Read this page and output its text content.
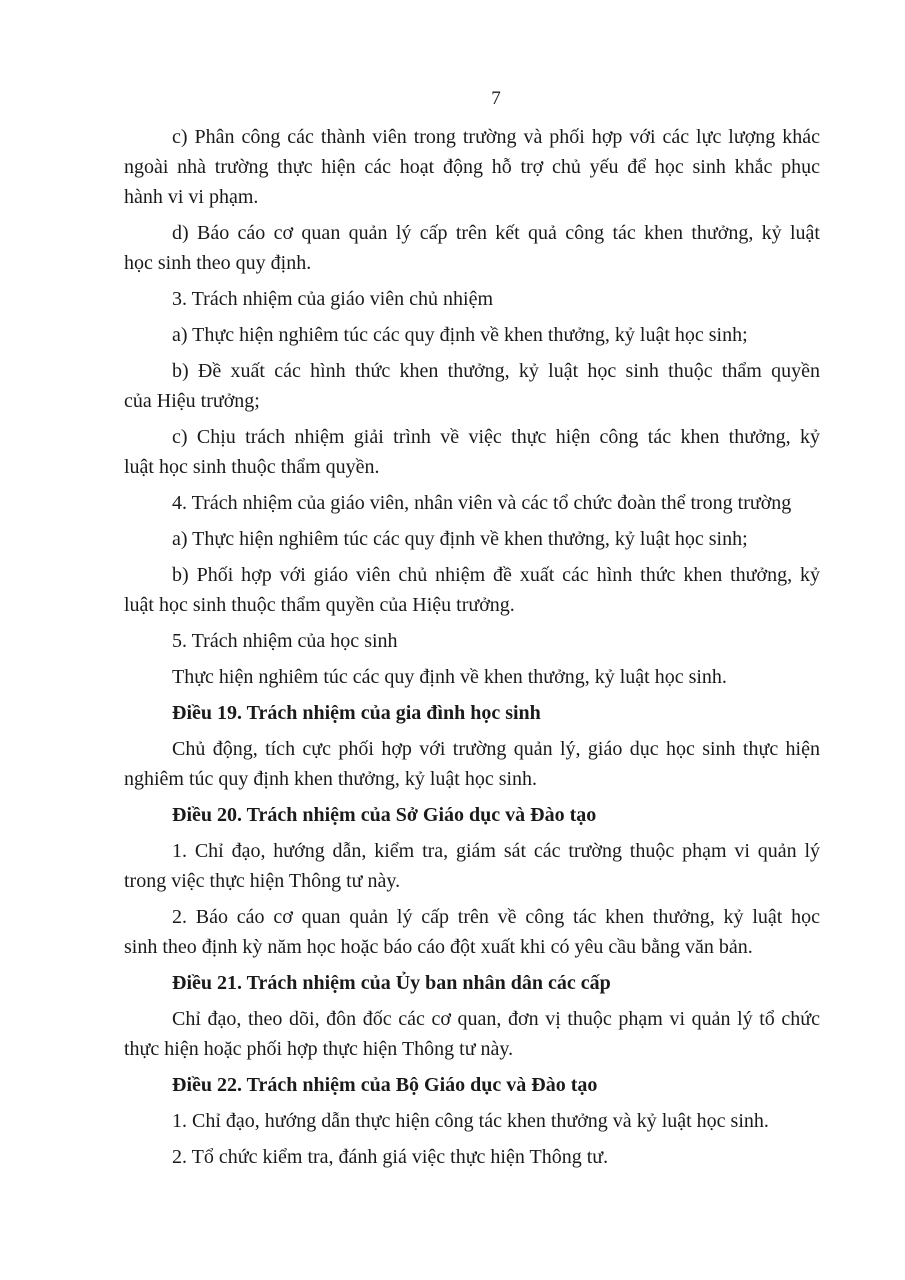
7
c) Phân công các thành viên trong trường và phối hợp với các lực lượng khác
ngoài nhà trường thực hiện các hoạt động hỗ trợ chủ yếu để học sinh khắc phục
hành vi vi phạm.
d) Báo cáo cơ quan quản lý cấp trên kết quả công tác khen thưởng, kỷ luật
học sinh theo quy định.
3. Trách nhiệm của giáo viên chủ nhiệm
a) Thực hiện nghiêm túc các quy định về khen thưởng, kỷ luật học sinh;
b) Đề xuất các hình thức khen thưởng, kỷ luật học sinh thuộc thẩm quyền
của Hiệu trưởng;
c) Chịu trách nhiệm giải trình về việc thực hiện công tác khen thưởng, kỷ
luật học sinh thuộc thẩm quyền.
4. Trách nhiệm của giáo viên, nhân viên và các tổ chức đoàn thể trong trường
a) Thực hiện nghiêm túc các quy định về khen thưởng, kỷ luật học sinh;
b) Phối hợp với giáo viên chủ nhiệm đề xuất các hình thức khen thưởng, kỷ
luật học sinh thuộc thẩm quyền của Hiệu trưởng.
5. Trách nhiệm của học sinh
Thực hiện nghiêm túc các quy định về khen thưởng, kỷ luật học sinh.
Điều 19. Trách nhiệm của gia đình học sinh
Chủ động, tích cực phối hợp với trường quản lý, giáo dục học sinh thực hiện
nghiêm túc quy định khen thưởng, kỷ luật học sinh.
Điều 20. Trách nhiệm của Sở Giáo dục và Đào tạo
1. Chỉ đạo, hướng dẫn, kiểm tra, giám sát các trường thuộc phạm vi quản lý
trong việc thực hiện Thông tư này.
2. Báo cáo cơ quan quản lý cấp trên về công tác khen thưởng, kỷ luật học
sinh theo định kỳ năm học hoặc báo cáo đột xuất khi có yêu cầu bằng văn bản.
Điều 21. Trách nhiệm của Ủy ban nhân dân các cấp
Chỉ đạo, theo dõi, đôn đốc các cơ quan, đơn vị thuộc phạm vi quản lý tổ chức
thực hiện hoặc phối hợp thực hiện Thông tư này.
Điều 22. Trách nhiệm của Bộ Giáo dục và Đào tạo
1. Chỉ đạo, hướng dẫn thực hiện công tác khen thưởng và kỷ luật học sinh.
2. Tổ chức kiểm tra, đánh giá việc thực hiện Thông tư.
